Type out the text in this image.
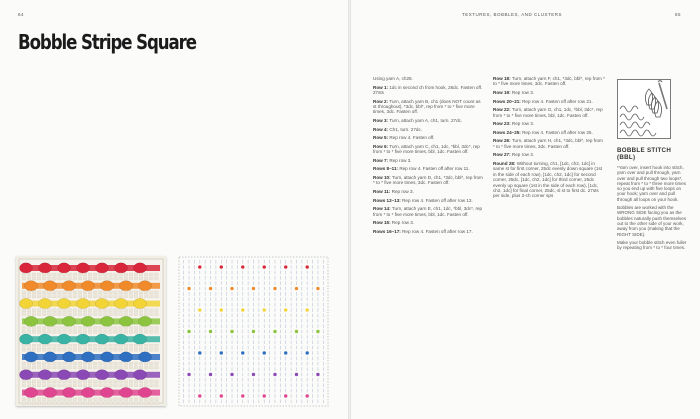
64	TEXTURES, BOBBLES, AND CLUSTERS	65
Bobble Stripe Square

Using yarn A, ch28.

Row 1: 1dc in second ch from hook, 26dc. Fasten off. 27sts

Row 2: Turn, attach yarn B, ch1 (does NOT count as st throughout), *3dc, bbl*, rep from * to * five more times, 3dc. Fasten off.

Row 3: Turn, attach yarn A, ch1, turn. 27dc.

Row 4: Ch1, turn. 27dc.

Row 5: Rep row 4. Fasten off.

Row 6: Turn, attach yarn C, ch1, 1dc, *bbl, 3dc*, rep from * to * five more times, bbl, 1dc. Fasten off.

Row 7: Rep row 3.

Rows 8–11: Rep row 4. Fasten off after row 11.

Row 10: Turn, attach yarn D, ch1, *3dc, bbl*, rep from * to * five more times, 3dc. Fasten off.

Row 11: Rep row 3.

Rows 12–13: Rep row 4. Fasten off after row 13.

Row 14: Turn, attach yarn E, ch1, 1dc, *bbl, 3dc*, rep from * to * five more times, bbl, 1dc. Fasten off.

Row 15: Rep row 3.

Rows 16–17: Rep row 4. Fasten off after row 17.

Row 18: Turn, attach yarn F, ch1, *3dc, bbl*, rep from * to * five more times, 3dc. Fasten off.

Row 19: Rep row 3.

Rows 20–21: Rep row 4. Fasten off after row 21.

Row 22: Turn, attach yarn G, ch1, 1dc, *bbl, 3dc*, rep from * to * five more times, bbl, 1dc. Fasten off.

Row 23: Rep row 3.

Rows 24–25: Rep row 4. Fasten off after row 25.

Row 26: Turn, attach yarn H, ch1, *3dc, bbl*, rep from * to * five more times, 3dc. Fasten off.

Row 27: Rep row 3.

Round 28: Without turning, ch1, [1dc, ch2, 1dc] in same st for first corner, 25dc evenly down square (1st in the side of each row), [1dc, ch2, 1dc] for second corner, 25dc, [1dc, ch2, 1dc] for third corner, 25dc evenly up square (1st in the side of each row), [1dc, ch2, 1dc] for final corner, 25dc, sl st to first dc. 27sts per side, plus 2-ch corner sps

BOBBLE STITCH (BBL)

*Yarn over, insert hook into stitch, yarn over and pull through, yarn over and pull through two loops*, repeat from * to * three more times so you end up with five loops on your hook; yarn over and pull through all loops on your hook.

Bobbles are worked with the WRONG SIDE facing you as the bobbles naturally push themselves out to the other side of your work, away from you (making that the RIGHT SIDE).

Make your bobble stitch even fuller by repeating from * to * four times.
